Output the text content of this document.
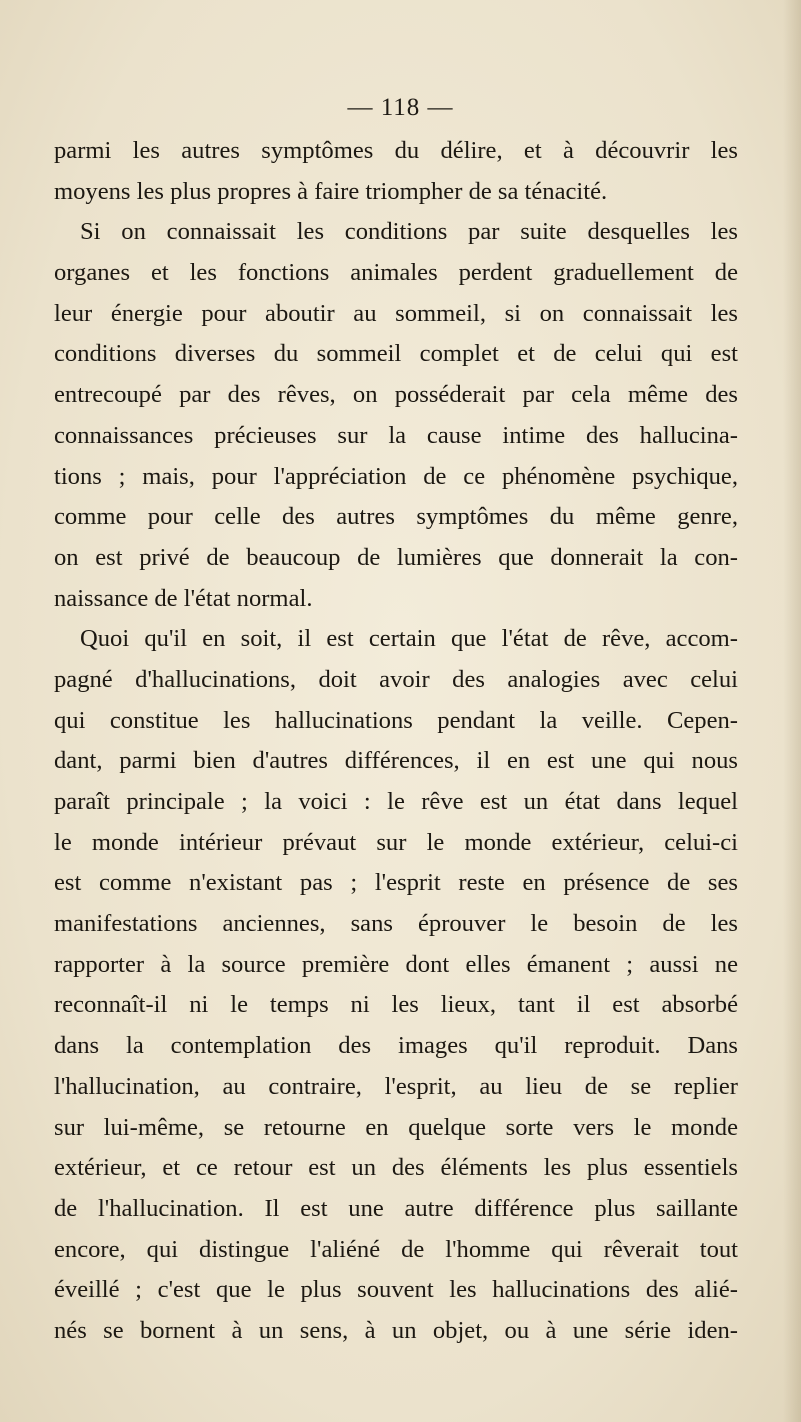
— 118 —

parmi les autres symptômes du délire, et à découvrir les
moyens les plus propres à faire triompher de sa ténacité.
Si on connaissait les conditions par suite desquelles les
organes et les fonctions animales perdent graduellement de
leur énergie pour aboutir au sommeil, si on connaissait les
conditions diverses du sommeil complet et de celui qui est
entrecoupé par des rêves, on posséderait par cela même des
connaissances précieuses sur la cause intime des hallucina-
tions ; mais, pour l'appréciation de ce phénomène psychique,
comme pour celle des autres symptômes du même genre,
on est privé de beaucoup de lumières que donnerait la con-
naissance de l'état normal.
Quoi qu'il en soit, il est certain que l'état de rêve, accom-
pagné d'hallucinations, doit avoir des analogies avec celui
qui constitue les hallucinations pendant la veille. Cepen-
dant, parmi bien d'autres différences, il en est une qui nous
paraît principale ; la voici : le rêve est un état dans lequel
le monde intérieur prévaut sur le monde extérieur, celui-ci
est comme n'existant pas ; l'esprit reste en présence de ses
manifestations anciennes, sans éprouver le besoin de les
rapporter à la source première dont elles émanent ; aussi ne
reconnaît-il ni le temps ni les lieux, tant il est absorbé
dans la contemplation des images qu'il reproduit. Dans
l'hallucination, au contraire, l'esprit, au lieu de se replier
sur lui-même, se retourne en quelque sorte vers le monde
extérieur, et ce retour est un des éléments les plus essentiels
de l'hallucination. Il est une autre différence plus saillante
encore, qui distingue l'aliéné de l'homme qui rêverait tout
éveillé ; c'est que le plus souvent les hallucinations des alié-
nés se bornent à un sens, à un objet, ou à une série iden-
